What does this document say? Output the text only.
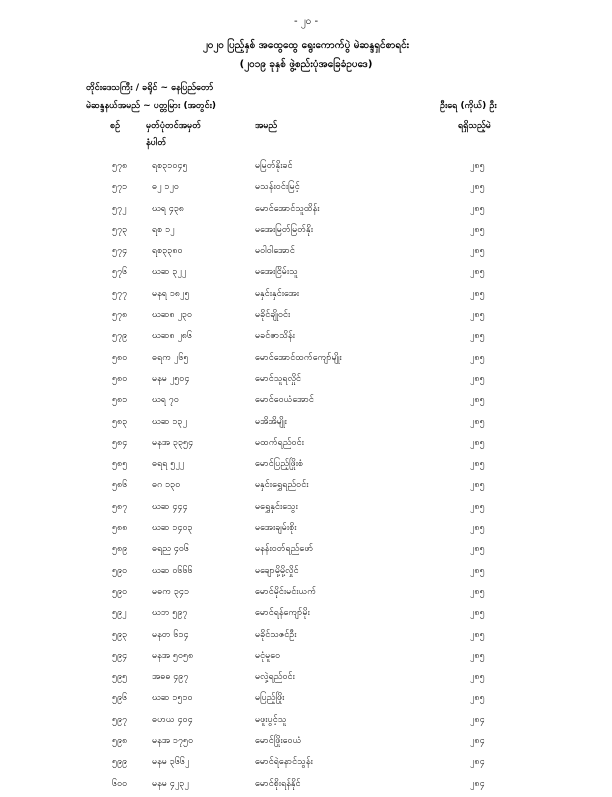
- ၂၀ -
၂၀၂၀ ပြည့်နှစ် အထွေထွေ ရွေးကောက်ပွဲ မဲဆန္ဒရှင်စာရင်း
(၂၀၁၉ ခုနှစ် ဖွဲ့စည်းပုံအခြေခံဥပဒေ)
တိုင်းဒေသကြီး / ခရိုင် ~ နေပြည်တော်
မဲဆန္ဒနယ်အမည် ~ ပတ္တမြား (အတွင်း)	ဦးရေ (ကိုယ်) ဦး
စဉ်	မှတ်ပုံတင်အမှတ်
နံပါတ်
အမည်	ရရှိသည့်မဲ
၅၇၈	ရစ၃၁၀၄၅	မမြတ်နိုးခင်	၂၈၅
၅၇၁	ဓ၂ ၁၂၀	မသန်းဝင်းမြင့်	၂၈၅
၅၇၂	ဃရ ၄၃၈	မောင်အောင်သူထိန်း	၂၈၅
၅၇၃	ရစ ၁၂	မအေးမြတ်မြတ်နိုး	၂၈၅
၅၇၄	ရစ၃၃၈၀	မဝါဝါအောင်	၂၈၅
၅၇၆	ဃဆ ၃၂၂	မအေးငြိမ်းသူ	၂၈၅
၅၇၇	မနရ ၁၈၂၅	မနှင်းနှင်းအေး	၂၈၅
၅၇၈	ဃဆ၈ ၂၃၀	မခိုင်ချိုဝင်း	၂၈၅
၅၇၉	ဃဆ၈ ၂၈၆	မခင်ဇာသိန်း	၂၈၅
၅၈၀	ဓရက ၂၆၅	မောင်အောင်ထက်ကျော်မျိုး	၂၈၅
၅၈၀	မနမ ၂၅၀၄	မောင်သူရလှိုင်	၂၈၅
၅၈၁	ဃရ ၇၀	မောင်ဝေယံအောင်	၂၈၅
၅၈၃	ဃဆ ၁၃၂	မအိအိမျိုး	၂၈၅
၅၈၄	မနအ ၃၃၅၄	မထက်ရည်ဝင်း	၂၈၅
၅၈၅	ဓရရ ၅၂၂	မောင်ပြည့်ဖြိုးစံ	၂၈၅
၅၈၆	ဓဂ ၁၃၀	မနှင်းရွှေရည်ဝင်း	၂၈၅
၅၈၇	ဃဆ ၄၄၄	မရွှေနှင်းသွေး	၂၈၅
၅၈၈	ဃဆ ၁၄၀၃	မအေးချမ်းစိုး	၂၈၅
၅၈၉	ဓရည ၄၀၆	မနန်းဝတ်ရည်ဖော်	၂၈၅
၅၉၀	ဃဆ ၀၆၆၆	မချောမို့မို့လှိုင်	၂၈၅
၅၉၀	မဓက ၃၄၁	မောင်မိုင်းမင်းယက်	၂၈၅
၅၉၂	ဃဘ ၅၉၇	မောင်ရန်ကျော်မိုး	၂၈၅
၅၉၃	မနတ ၆၁၄	မခိုင်သဇင်ဦး	၂၈၅
၅၉၄	မနအ ၅၀၅၈	မငုံမူဝေ	၂၈၅
၅၉၅	အဓဓ ၄၉၇	မလှဲ့ရည်ဝင်း	၂၈၅
၅၉၆	ဃဆ ၁၅၁၀	မပြည့်ဖြိုး	၂၈၅
၅၉၇	ဓဟယ ၄၀၄	မဖူးပွင့်သူ	၂၈၄
၅၉၈	မနအ ၁၇၅၀	မောင်ဖြိုးဝေယံ	၂၈၄
၅၉၉	မနမ ၃၆၆၂	မောင်ရဲနောင်သွန်း	၂၈၄
၆၀၀	မနမ ၄၂၃၂	မောင်စိုးရန်နိုင်	၂၈၄
